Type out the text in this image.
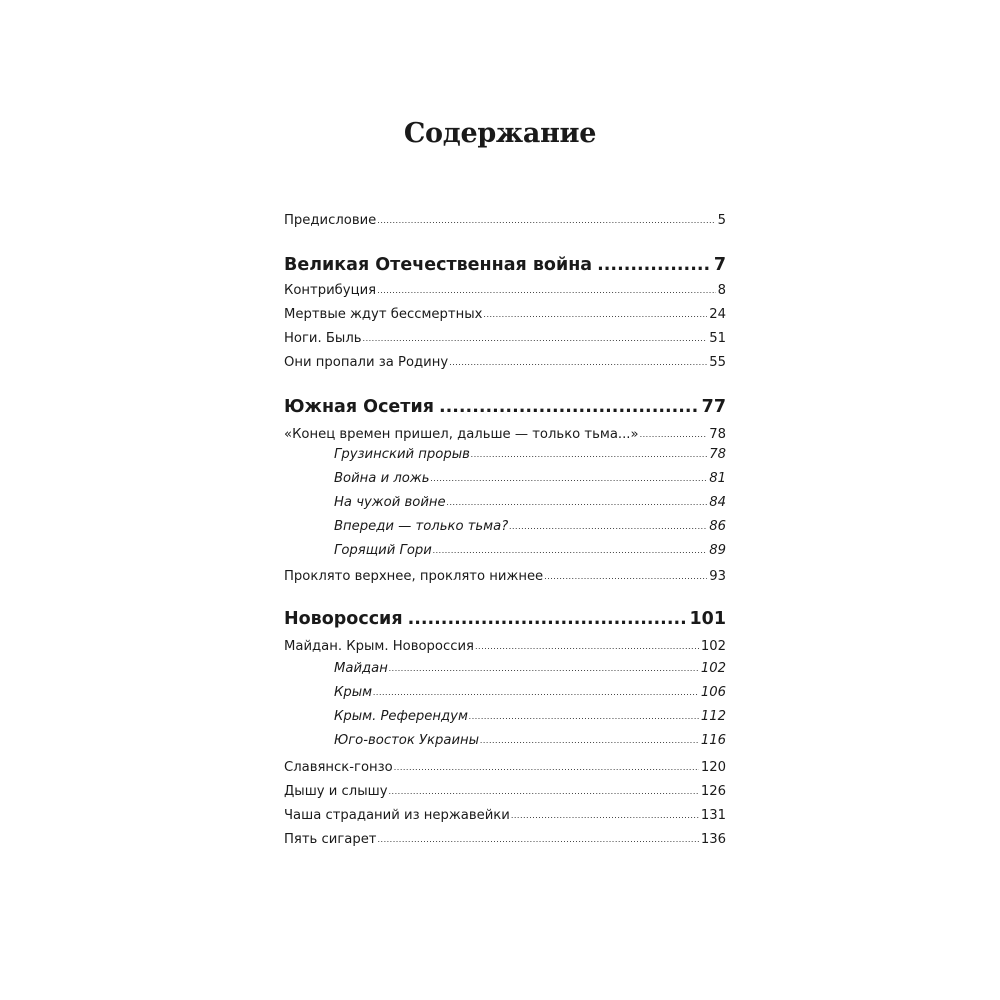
Содержание
Предисловие .....	5
Великая Отечественная война .....	7
Контрибуция .....	8
Мертвые ждут бессмертных .....	24
Ноги. Быль .....	51
Они пропали за Родину .....	55
Южная Осетия .....	77
«Конец времен пришел, дальше — только тьма...» .....	78
Грузинский прорыв .....	78
Война и ложь .....	81
На чужой войне .....	84
Впереди — только тьма? .....	86
Горящий Гори .....	89
Проклято верхнее, проклято нижнее .....	93
Новороссия .....	101
Майдан. Крым. Новороссия .....	102
Майдан .....	102
Крым .....	106
Крым. Референдум .....	112
Юго-восток Украины .....	116
Славянск-гонзо .....	120
Дышу и слышу .....	126
Чаша страданий из нержавейки .....	131
Пять сигарет .....	136
